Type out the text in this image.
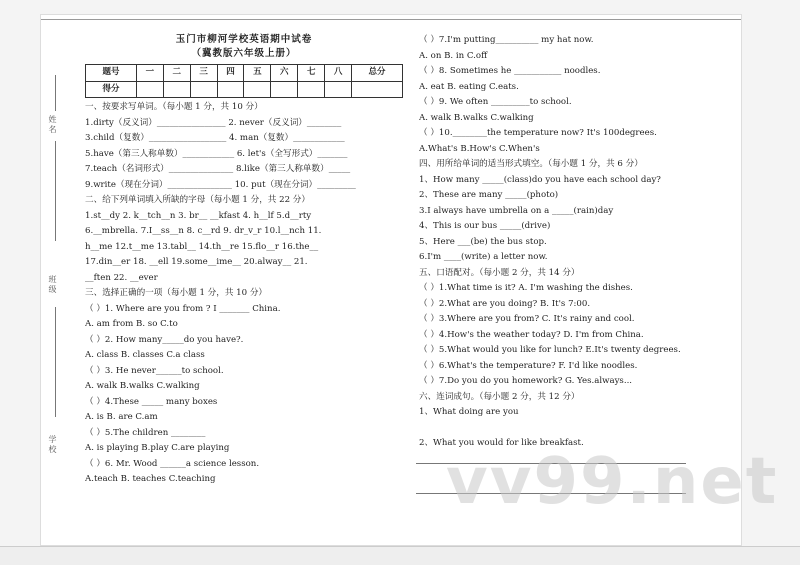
姓名
班级
学校
玉门市柳河学校英语期中试卷
（冀教版六年级上册）
题号	一	二	三	四	五	六	七	八	总分
得分									
一、按要求写单词。（每小题 1 分，共 10 分）
1.dirty（反义词）________________ 2. never（反义词）________
3.child（复数）__________________ 4. man（复数）____________
5.have（第三人称单数）____________ 6. let's（全写形式）_______
7.teach（名词形式）_______________ 8.like（第三人称单数）_____
9.write（现在分词）_______________ 10. put（现在分词）_________
二、给下列单词填入所缺的字母（每小题 1 分，共 22 分）
1.st__dy 2. k__tch__n 3. br__ __kfast 4. h__lf 5.d__rty
6.__mbrella. 7.I__ss__n 8. c__rd 9. dr_v_r 10.l__nch 11.
h__me 12.t__me 13.tabl__ 14.th__re 15.flo__r 16.the__
17.din__er 18. __ell 19.some__ime__ 20.alway__ 21.
__ften 22. __ever
三、选择正确的一项（每小题 1 分，共 10 分）
（ ）1. Where are you from ? I _______ China.
A. am from B. so C.to
（ ）2. How many_____do you have?.
A. class B. classes C.a class
（ ）3. He never______to school.
A. walk B.walks C.walking
（ ）4.These _____ many boxes
A. is B. are C.am
（ ）5.The children ________
A. is playing B.play C.are playing
（ ）6. Mr. Wood ______a science lesson.
A.teach B. teaches C.teaching
（ ）7.I'm putting__________ my hat now.
A. on B. in C.off
（ ）8. Sometimes he ___________ noodles.
A. eat B. eating C.eats.
（ ）9. We often _________to school.
A. walk B.walks C.walking
（ ）10.________the temperature now? It's 100degrees.
A.What's B.How's C.When's
四、用所给单词的适当形式填空。（每小题 1 分，共 6 分）
1、How many _____(class)do you have each school day?
2、These are many _____(photo)
3.I always have umbrella on a _____(rain)day
4、This is our bus _____(drive)
5、Here ___(be) the bus stop.
6.I'm ____(write) a letter now.
五、口语配对。（每小题 2 分，共 14 分）
（ ）1.What time is it? A. I'm washing the dishes.
（ ）2.What are you doing? B. It's 7:00.
（ ）3.Where are you from? C. It's rainy and cool.
（ ）4.How's the weather today? D. I'm from China.
（ ）5.What would you like for lunch? E.It's twenty degrees.
（ ）6.What's the temperature? F. I'd like noodles.
（ ）7.Do you do you homework? G. Yes.always...
六、连词成句。（每小题 2 分，共 12 分）
1、What doing are you

2、What you would for like breakfast.

vv99.net
